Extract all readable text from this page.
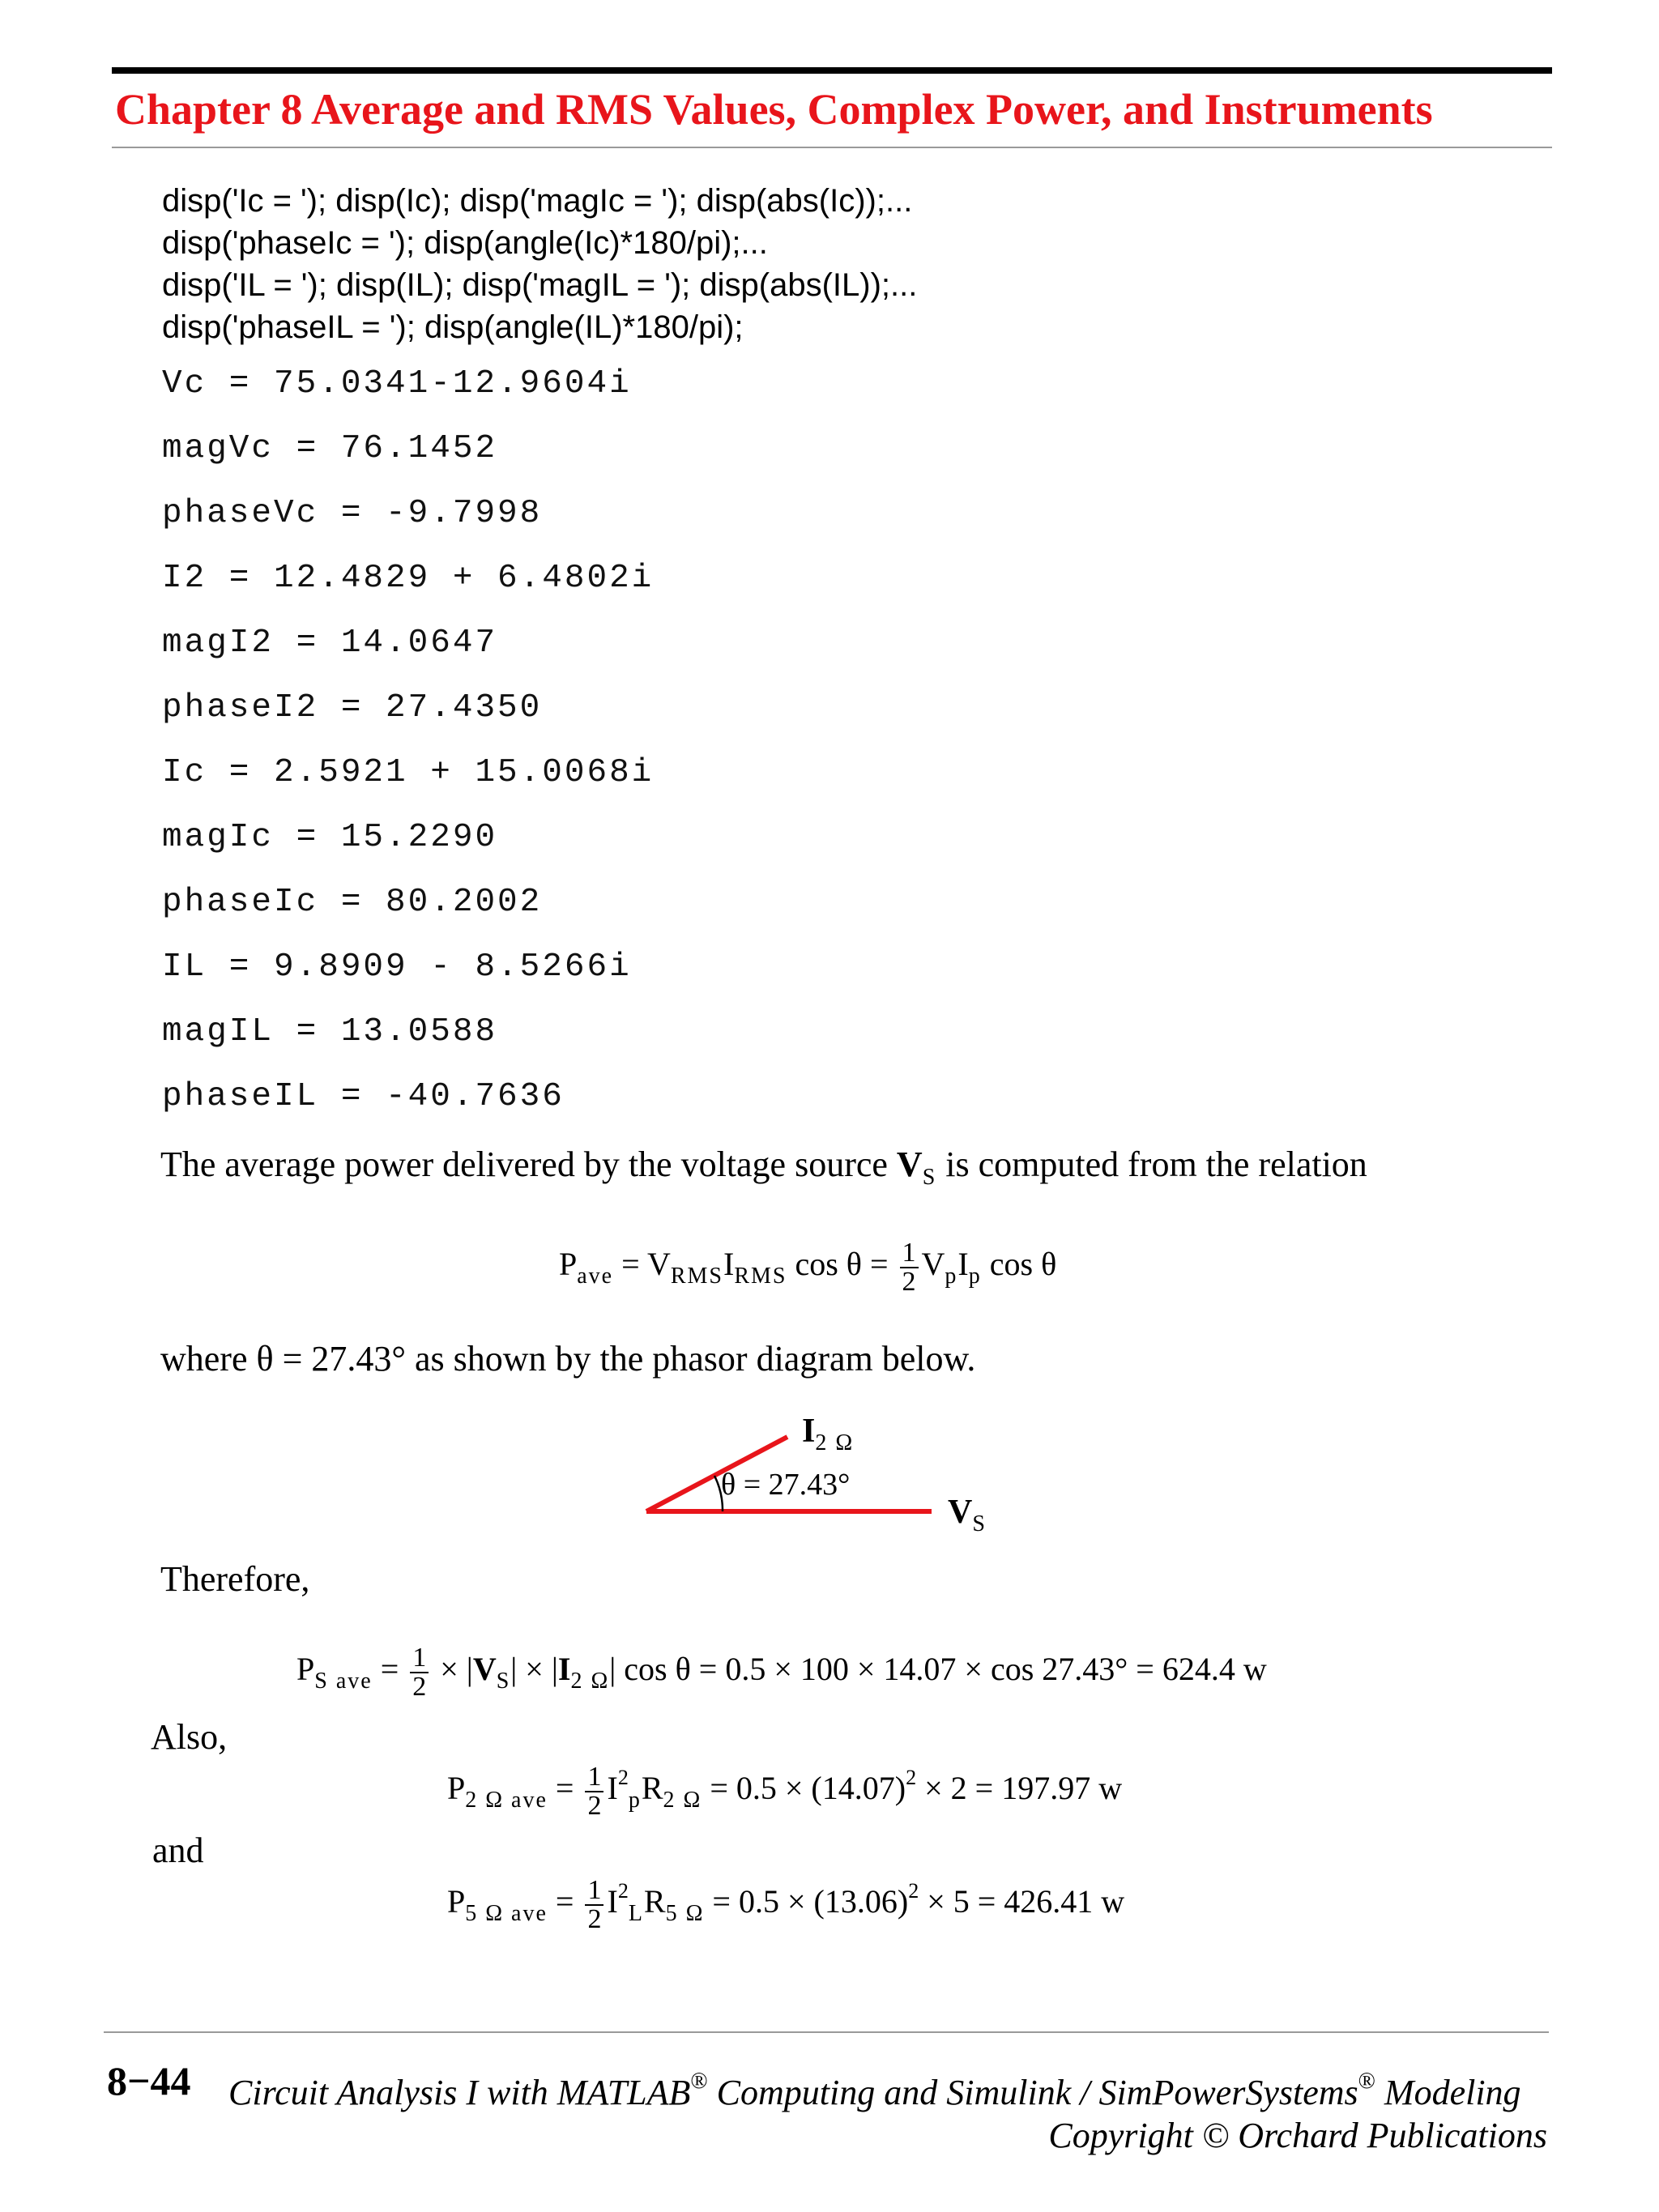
Chapter 8 Average and RMS Values, Complex Power, and Instruments
disp('Ic = '); disp(Ic); disp('magIc = '); disp(abs(Ic));...
disp('phaseIc = '); disp(angle(Ic)*180/pi);...
disp('IL = '); disp(IL); disp('magIL = '); disp(abs(IL));...
disp('phaseIL = '); disp(angle(IL)*180/pi);
Vc = 75.0341-12.9604i
magVc = 76.1452
phaseVc = -9.7998
I2 = 12.4829 + 6.4802i
magI2 = 14.0647
phaseI2 = 27.4350
Ic = 2.5921 + 15.0068i
magIc = 15.2290
phaseIc = 80.2002
IL = 9.8909 - 8.5266i
magIL = 13.0588
phaseIL = -40.7636
The average power delivered by the voltage source $V_S$ is computed from the relation
$P_{ave} = V_{RMS}I_{RMS}$ $\cos \theta = \frac{1}{2} V_pI_p$ cos θ
where θ = 27.43° as shown by the phasor diagram below.
$I_{2 \Omega}$
θ = 27.43°
$V_S$
Therefore,
$P_{S ave} = \frac{1}{2} \times |V_S| \times |I_{2 \Omega}|$ cos θ = 0.5 × 100 × 14.07 × cos 27.43° = 624.4 w
Also,
$P_{2 \Omega ave} = \frac{1}{2} I^2_pR_{2 \Omega} = 0.5 \times (14.07)^2 \times 2 = 197.97$ w
and
$P_{5 \Omega ave} = \frac{1}{2} I^2_LR_{5 \Omega} = 0.5 \times (13.06)^2 \times 5 = 426.41$ w
8−44 Circuit Analysis I with MATLAB® Computing and Simulink / SimPowerSystems® Modeling
Copyright © Orchard Publications
